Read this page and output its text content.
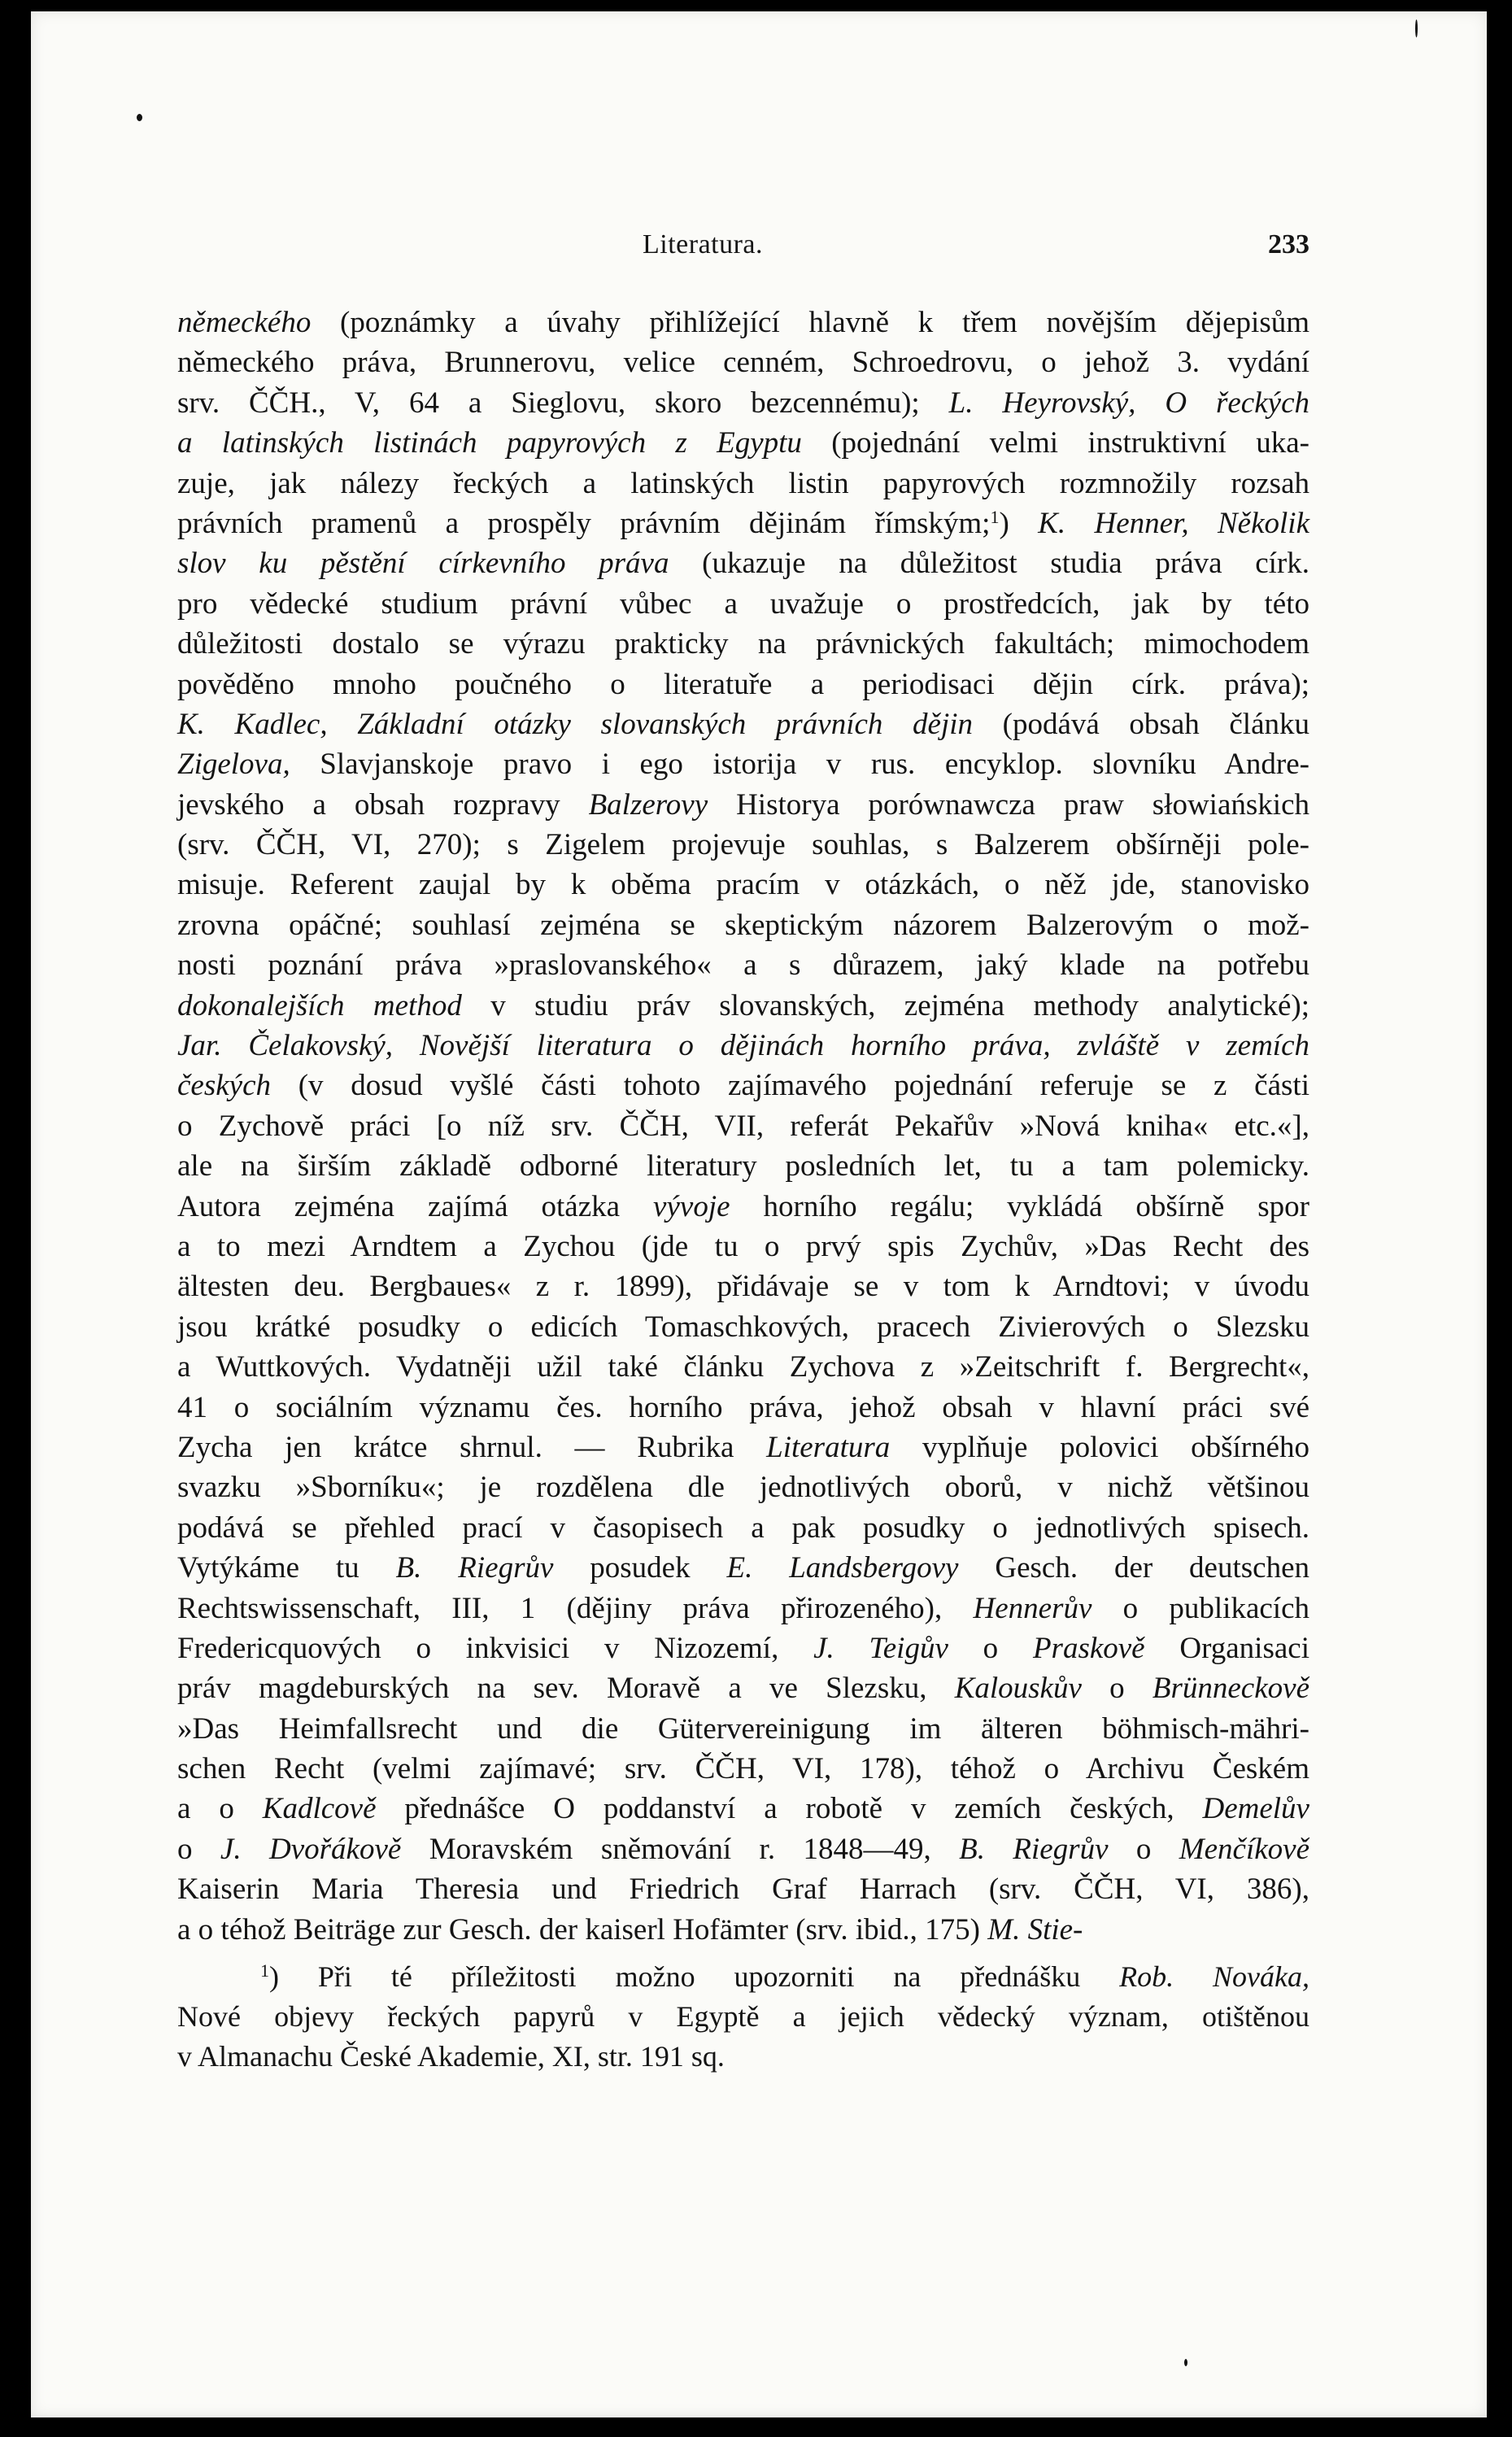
Literatura.	233
německého (poznámky a úvahy přihlížející hlavně k třem novějším dějepisům
německého práva, Brunnerovu, velice cenném, Schroedrovu, o jehož 3. vydání
srv. ČČH., V, 64 a Sieglovu, skoro bezcennému); L. Heyrovský, O řeckých
a latinských listinách papyrových z Egyptu (pojednání velmi instruktivní uka-
zuje, jak nálezy řeckých a latinských listin papyrových rozmnožily rozsah
právních pramenů a prospěly právním dějinám římským;$^1$) K. Henner, Několik
slov ku pěstění církevního práva (ukazuje na důležitost studia práva círk.
pro vědecké studium právní vůbec a uvažuje o prostředcích, jak by této
důležitosti dostalo se výrazu prakticky na právnických fakultách; mimochodem
pověděno mnoho poučného o literatuře a periodisaci dějin círk. práva);
K. Kadlec, Základní otázky slovanských právních dějin (podává obsah článku
Zigelova, Slavjanskoje pravo i ego istorija v rus. encyklop. slovníku Andre-
jevského a obsah rozpravy Balzerovy Historya porównawcza praw słowiańskich
(srv. ČČH, VI, 270); s Zigelem projevuje souhlas, s Balzerem obšírněji pole-
misuje. Referent zaujal by k oběma pracím v otázkách, o něž jde, stanovisko
zrovna opáčné; souhlasí zejména se skeptickým názorem Balzerovým o mož-
nosti poznání práva »praslovanského« a s důrazem, jaký klade na potřebu
dokonalejších method v studiu práv slovanských, zejména methody analytické);
Jar. Čelakovský, Novější literatura o dějinách horního práva, zvláště v zemích
českých (v dosud vyšlé části tohoto zajímavého pojednání referuje se z části
o Zychově práci [o níž srv. ČČH, VII, referát Pekařův »Nová kniha« etc.«],
ale na širším základě odborné literatury posledních let, tu a tam polemicky.
Autora zejména zajímá otázka vývoje horního regálu; vykládá obšírně spor
a to mezi Arndtem a Zychou (jde tu o prvý spis Zychův, »Das Recht des
ältesten deu. Bergbaues« z r. 1899), přidávaje se v tom k Arndtovi; v úvodu
jsou krátké posudky o edicích Tomaschkových, pracech Zivierových o Slezsku
a Wuttkových. Vydatněji užil také článku Zychova z »Zeitschrift f. Bergrecht«,
41 o sociálním významu čes. horního práva, jehož obsah v hlavní práci své
Zycha jen krátce shrnul. — Rubrika Literatura vyplňuje polovici obšírného
svazku »Sborníku«; je rozdělena dle jednotlivých oborů, v nichž většinou
podává se přehled prací v časopisech a pak posudky o jednotlivých spisech.
Vytýkáme tu B. Riegrův posudek E. Landsbergovy Gesch. der deutschen
Rechtswissenschaft, III, 1 (dějiny práva přirozeného), Hennerův o publikacích
Fredericquových o inkvisici v Nizozemí, J. Teigův o Praskově Organisaci
práv magdeburských na sev. Moravě a ve Slezsku, Kalouskův o Brünneckově
»Das Heimfallsrecht und die Gütervereinigung im älteren böhmisch-mähri-
schen Recht (velmi zajímavé; srv. ČČH, VI, 178), téhož o Archivu Českém
a o Kadlcově přednášce O poddanství a robotě v zemích českých, Demelův
o J. Dvořákově Moravském sněmování r. 1848—49, B. Riegrův o Menčíkově
Kaiserin Maria Theresia und Friedrich Graf Harrach (srv. ČČH, VI, 386),
a o téhož Beiträge zur Gesch. der kaiserl Hofämter (srv. ibid., 175) M. Stie-
$^1$) Při té příležitosti možno upozorniti na přednášku Rob. Nováka,
Nové objevy řeckých papyrů v Egyptě a jejich vědecký význam, otištěnou
v Almanachu České Akademie, XI, str. 191 sq.
